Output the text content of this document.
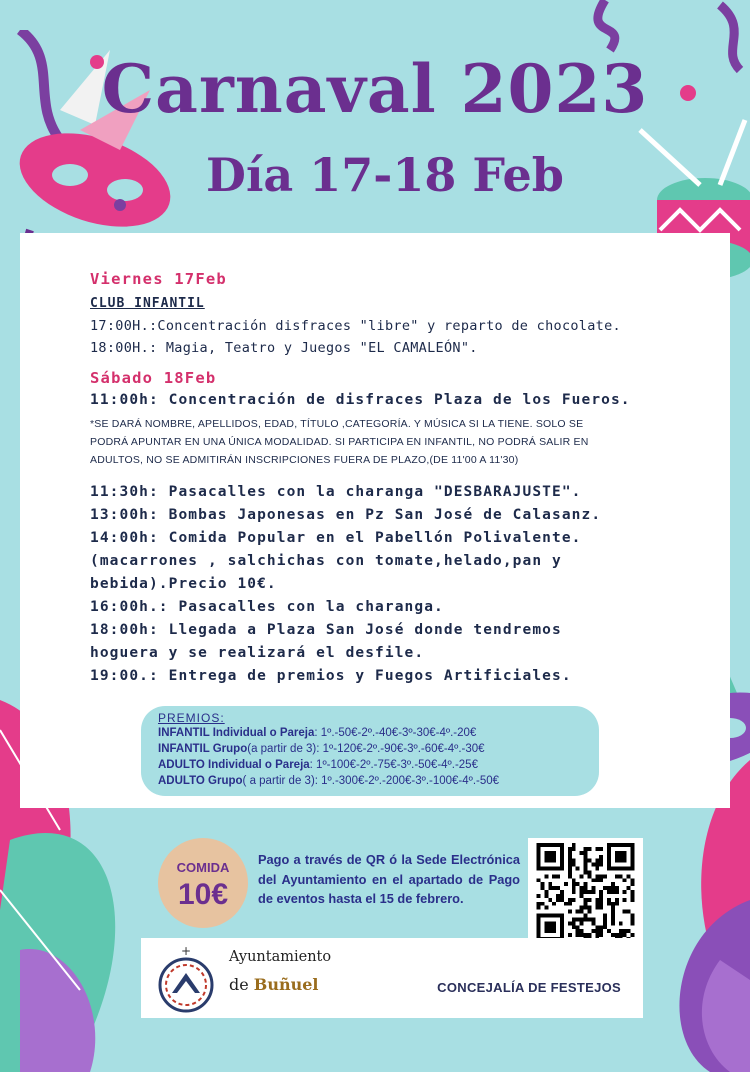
Carnaval 2023
Día 17-18 Feb
Viernes 17Feb
CLUB INFANTIL
17:00H.:Concentración disfraces "libre" y reparto de chocolate.
18:00H.: Magia, Teatro y Juegos "EL CAMALEÓN".
Sábado 18Feb
11:00h: Concentración de disfraces Plaza de los Fueros.
*SE DARÁ NOMBRE, APELLIDOS, EDAD, TÍTULO ,CATEGORÍA. Y MÚSICA SI LA TIENE. SOLO SE
PODRÁ APUNTAR EN UNA ÚNICA MODALIDAD. SI PARTICIPA EN INFANTIL, NO PODRÁ SALIR EN
ADULTOS, NO SE ADMITIRÁN INSCRIPCIONES FUERA DE PLAZO,(DE 11'00 A 11'30)
11:30h: Pasacalles con la charanga "DESBARAJUSTE".
13:00h: Bombas Japonesas en Pz San José de Calasanz.
14:00h: Comida Popular en el Pabellón Polivalente.
(macarrones , salchichas con tomate,helado,pan y
bebida).Precio 10€.
16:00h.: Pasacalles con la charanga.
18:00h: Llegada a Plaza San José donde tendremos
hoguera y se realizará el desfile.
19:00.: Entrega de premios y Fuegos Artificiales.
PREMIOS:
INFANTIL Individual o Pareja: 1º.-50€-2º.-40€-3º-30€-4º.-20€
INFANTIL Grupo(a partir de 3): 1º-120€-2º.-90€-3º.-60€-4º.-30€
ADULTO Individual o Pareja: 1º-100€-2º.-75€-3º.-50€-4º.-25€
ADULTO Grupo( a partir de 3): 1º.-300€-2º.-200€-3º.-100€-4º.-50€
COMIDA
10€
Pago a través de QR ó la Sede Electrónica del Ayuntamiento en el apartado de Pago de eventos hasta el 15 de febrero.
+	Ayuntamiento
de Buñuel	CONCEJALÍA DE FESTEJOS
